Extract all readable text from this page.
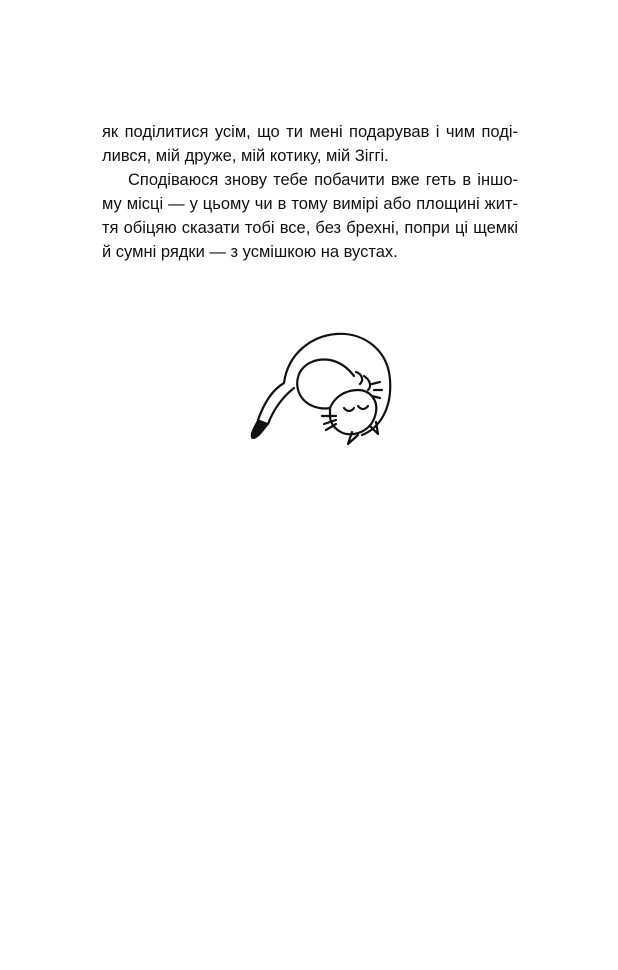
як поділитися усім, що ти мені подарував і чим поді-
лився, мій друже, мій котику, мій Зіггі.
Сподіваюся знову тебе побачити вже геть в іншо-
му місці — у цьому чи в тому вимірі або площині жит-
тя обіцяю сказати тобі все, без брехні, попри ці щемкі
й сумні рядки — з усмішкою на вустах.
